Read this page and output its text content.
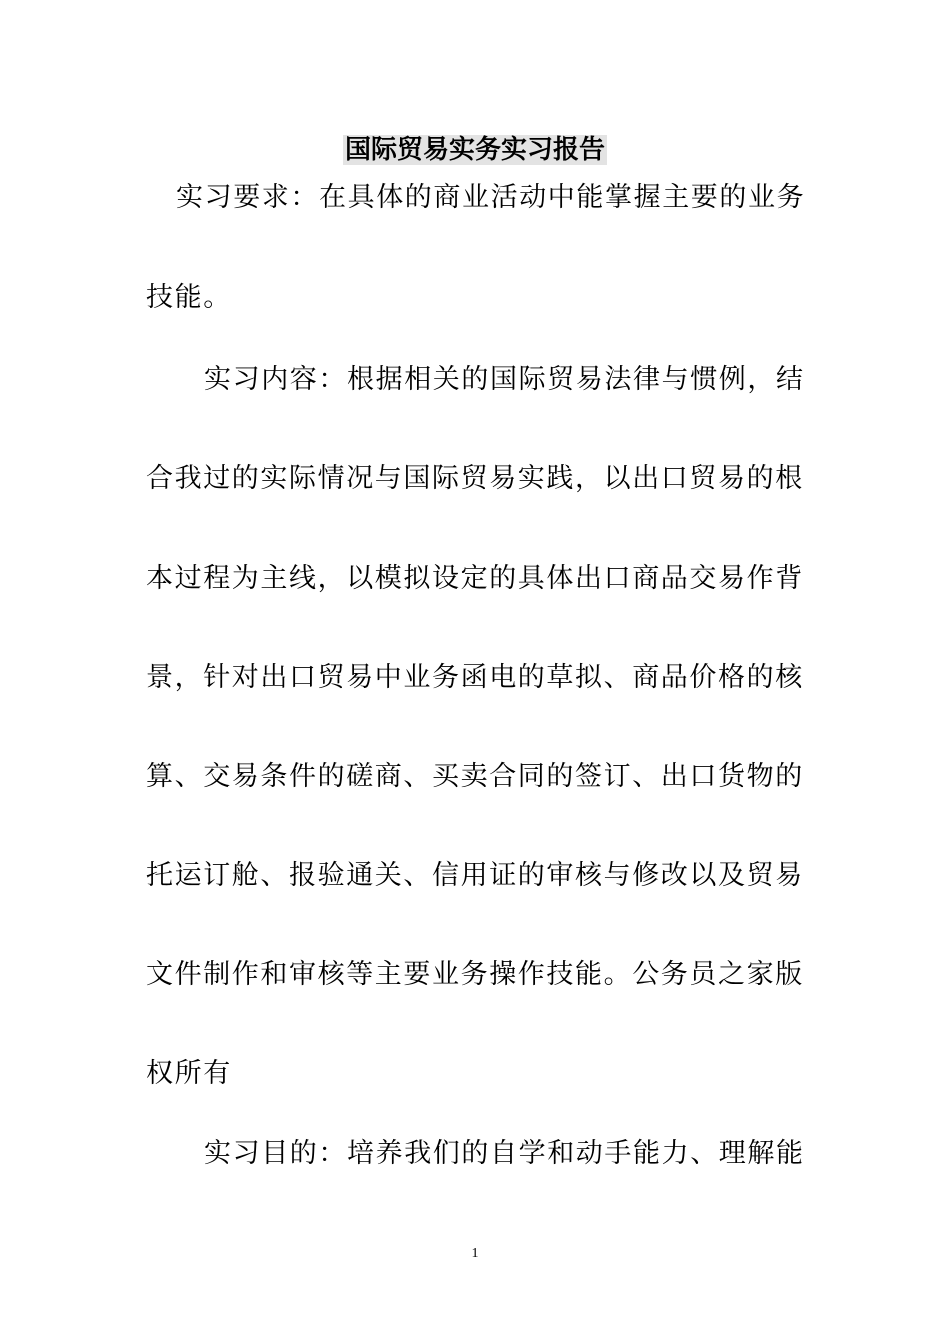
国际贸易实务实习报告
实习要求：在具体的商业活动中能掌握主要的业务
技能。
实习内容：根据相关的国际贸易法律与惯例，结
合我过的实际情况与国际贸易实践，以出口贸易的根
本过程为主线，以模拟设定的具体出口商品交易作背
景，针对出口贸易中业务函电的草拟、商品价格的核
算、交易条件的磋商、买卖合同的签订、出口货物的
托运订舱、报验通关、信用证的审核与修改以及贸易
文件制作和审核等主要业务操作技能。公务员之家版
权所有
实习目的：培养我们的自学和动手能力、理解能
1
